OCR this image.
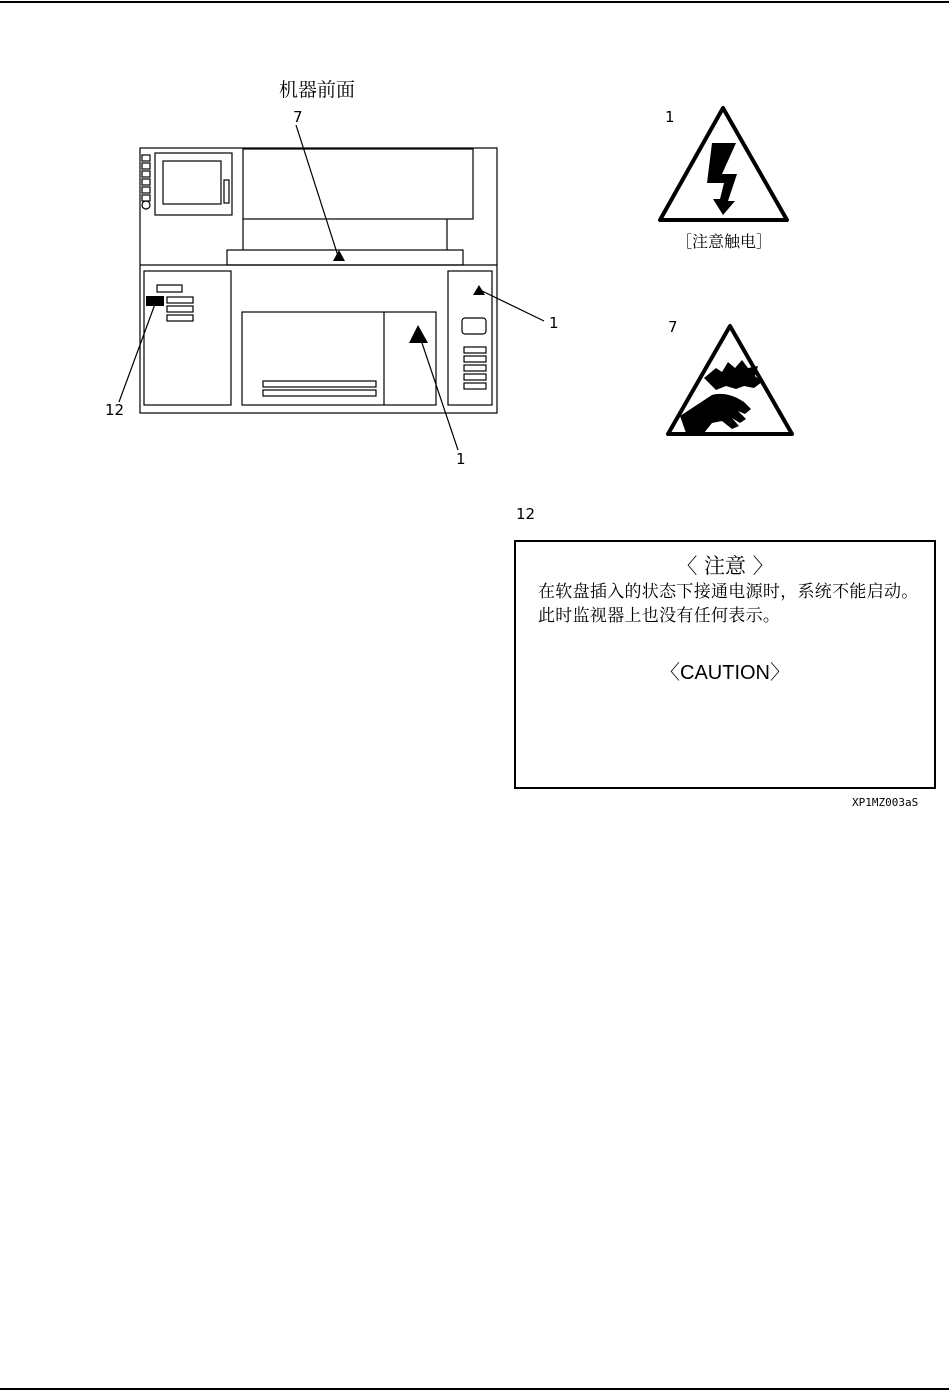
机器前面
7
1
12
1
1
［注意触电］
7
12
〈 注意 〉
在软盘插入的状态下接通电源时，系统不能启动。此时监视器上也没有任何表示。
〈CAUTION〉
XP1MZ003aS
